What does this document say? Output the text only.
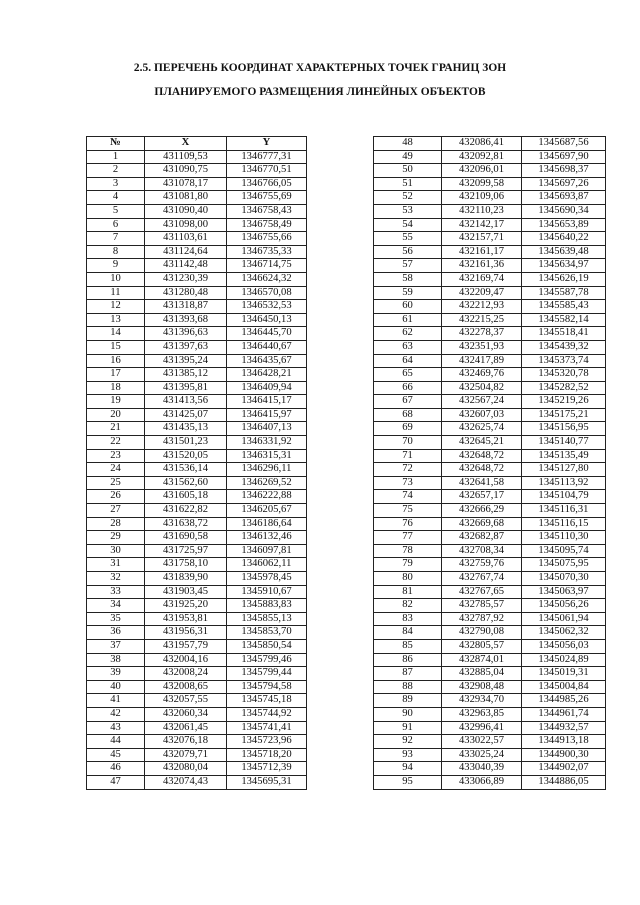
2.5. ПЕРЕЧЕНЬ КООРДИНАТ ХАРАКТЕРНЫХ ТОЧЕК ГРАНИЦ ЗОН
ПЛАНИРУЕМОГО РАЗМЕЩЕНИЯ ЛИНЕЙНЫХ ОБЪЕКТОВ
№	X	Y
1	431109,53	1346777,31
2	431090,75	1346770,51
3	431078,17	1346766,05
4	431081,80	1346755,69
5	431090,40	1346758,43
6	431098,00	1346758,49
7	431103,61	1346755,66
8	431124,64	1346735,33
9	431142,48	1346714,75
10	431230,39	1346624,32
11	431280,48	1346570,08
12	431318,87	1346532,53
13	431393,68	1346450,13
14	431396,63	1346445,70
15	431397,63	1346440,67
16	431395,24	1346435,67
17	431385,12	1346428,21
18	431395,81	1346409,94
19	431413,56	1346415,17
20	431425,07	1346415,97
21	431435,13	1346407,13
22	431501,23	1346331,92
23	431520,05	1346315,31
24	431536,14	1346296,11
25	431562,60	1346269,52
26	431605,18	1346222,88
27	431622,82	1346205,67
28	431638,72	1346186,64
29	431690,58	1346132,46
30	431725,97	1346097,81
31	431758,10	1346062,11
32	431839,90	1345978,45
33	431903,45	1345910,67
34	431925,20	1345883,83
35	431953,81	1345855,13
36	431956,31	1345853,70
37	431957,79	1345850,54
38	432004,16	1345799,46
39	432008,24	1345799,44
40	432008,65	1345794,58
41	432057,55	1345745,18
42	432060,34	1345744,92
43	432061,45	1345741,41
44	432076,18	1345723,96
45	432079,71	1345718,20
46	432080,04	1345712,39
47	432074,43	1345695,31
48	432086,41	1345687,56
49	432092,81	1345697,90
50	432096,01	1345698,37
51	432099,58	1345697,26
52	432109,06	1345693,87
53	432110,23	1345690,34
54	432142,17	1345653,89
55	432157,71	1345640,22
56	432161,17	1345639,48
57	432161,36	1345634,97
58	432169,74	1345626,19
59	432209,47	1345587,78
60	432212,93	1345585,43
61	432215,25	1345582,14
62	432278,37	1345518,41
63	432351,93	1345439,32
64	432417,89	1345373,74
65	432469,76	1345320,78
66	432504,82	1345282,52
67	432567,24	1345219,26
68	432607,03	1345175,21
69	432625,74	1345156,95
70	432645,21	1345140,77
71	432648,72	1345135,49
72	432648,72	1345127,80
73	432641,58	1345113,92
74	432657,17	1345104,79
75	432666,29	1345116,31
76	432669,68	1345116,15
77	432682,87	1345110,30
78	432708,34	1345095,74
79	432759,76	1345075,95
80	432767,74	1345070,30
81	432767,65	1345063,97
82	432785,57	1345056,26
83	432787,92	1345061,94
84	432790,08	1345062,32
85	432805,57	1345056,03
86	432874,01	1345024,89
87	432885,04	1345019,31
88	432908,48	1345004,84
89	432934,70	1344985,26
90	432963,85	1344961,74
91	432996,41	1344932,57
92	433022,57	1344913,18
93	433025,24	1344900,30
94	433040,39	1344902,07
95	433066,89	1344886,05
